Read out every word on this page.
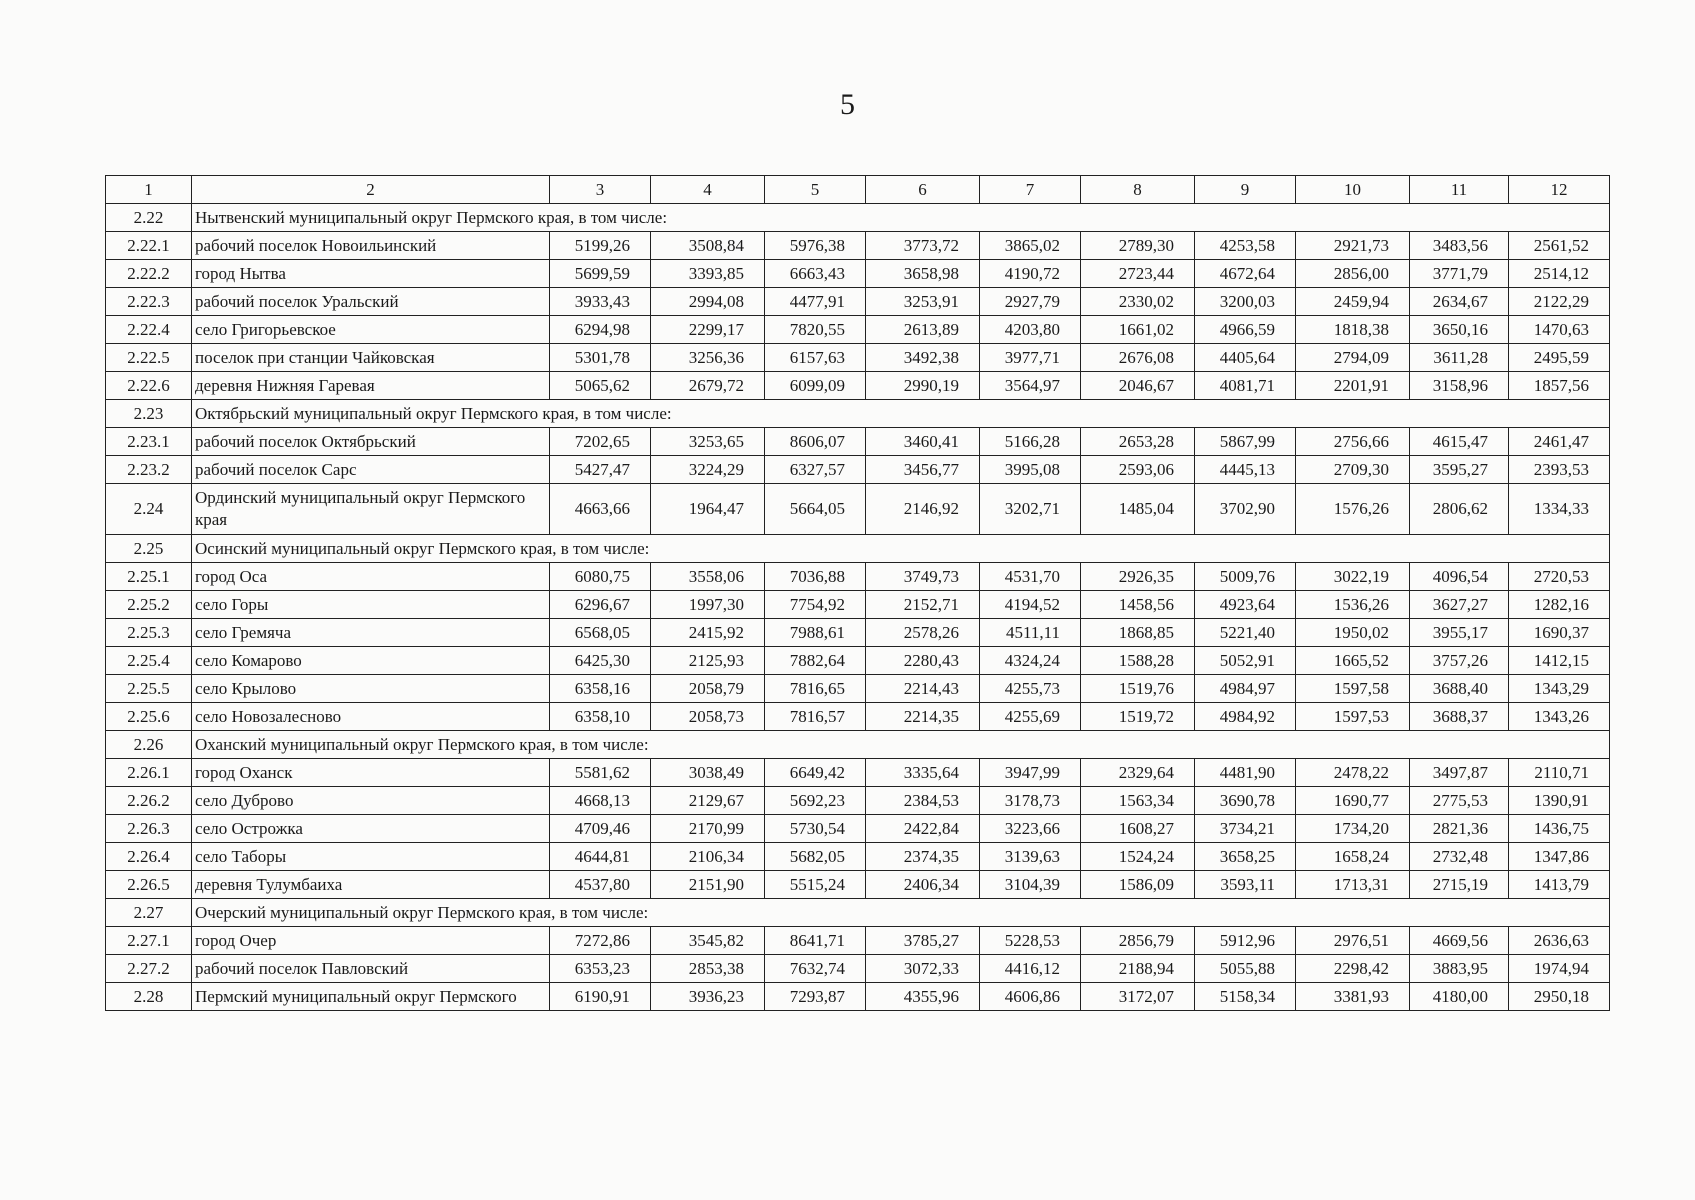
5
1	2	3	4	5	6	7	8	9	10	11	12
2.22	Нытвенский муниципальный округ Пермского края, в том числе:										
2.22.1	рабочий поселок Новоильинский	5199,26	3508,84	5976,38	3773,72	3865,02	2789,30	4253,58	2921,73	3483,56	2561,52
2.22.2	город Нытва	5699,59	3393,85	6663,43	3658,98	4190,72	2723,44	4672,64	2856,00	3771,79	2514,12
2.22.3	рабочий поселок Уральский	3933,43	2994,08	4477,91	3253,91	2927,79	2330,02	3200,03	2459,94	2634,67	2122,29
2.22.4	село Григорьевское	6294,98	2299,17	7820,55	2613,89	4203,80	1661,02	4966,59	1818,38	3650,16	1470,63
2.22.5	поселок при станции Чайковская	5301,78	3256,36	6157,63	3492,38	3977,71	2676,08	4405,64	2794,09	3611,28	2495,59
2.22.6	деревня Нижняя Гаревая	5065,62	2679,72	6099,09	2990,19	3564,97	2046,67	4081,71	2201,91	3158,96	1857,56
2.23	Октябрьский муниципальный округ Пермского края, в том числе:										
2.23.1	рабочий поселок Октябрьский	7202,65	3253,65	8606,07	3460,41	5166,28	2653,28	5867,99	2756,66	4615,47	2461,47
2.23.2	рабочий поселок Сарс	5427,47	3224,29	6327,57	3456,77	3995,08	2593,06	4445,13	2709,30	3595,27	2393,53
2.24	Ординский муниципальный округ Пермского края	4663,66	1964,47	5664,05	2146,92	3202,71	1485,04	3702,90	1576,26	2806,62	1334,33
2.25	Осинский муниципальный округ Пермского края, в том числе:										
2.25.1	город Оса	6080,75	3558,06	7036,88	3749,73	4531,70	2926,35	5009,76	3022,19	4096,54	2720,53
2.25.2	село Горы	6296,67	1997,30	7754,92	2152,71	4194,52	1458,56	4923,64	1536,26	3627,27	1282,16
2.25.3	село Гремяча	6568,05	2415,92	7988,61	2578,26	4511,11	1868,85	5221,40	1950,02	3955,17	1690,37
2.25.4	село Комарово	6425,30	2125,93	7882,64	2280,43	4324,24	1588,28	5052,91	1665,52	3757,26	1412,15
2.25.5	село Крылово	6358,16	2058,79	7816,65	2214,43	4255,73	1519,76	4984,97	1597,58	3688,40	1343,29
2.25.6	село Новозалесново	6358,10	2058,73	7816,57	2214,35	4255,69	1519,72	4984,92	1597,53	3688,37	1343,26
2.26	Оханский муниципальный округ Пермского края, в том числе:										
2.26.1	город Оханск	5581,62	3038,49	6649,42	3335,64	3947,99	2329,64	4481,90	2478,22	3497,87	2110,71
2.26.2	село Дуброво	4668,13	2129,67	5692,23	2384,53	3178,73	1563,34	3690,78	1690,77	2775,53	1390,91
2.26.3	село Острожка	4709,46	2170,99	5730,54	2422,84	3223,66	1608,27	3734,21	1734,20	2821,36	1436,75
2.26.4	село Таборы	4644,81	2106,34	5682,05	2374,35	3139,63	1524,24	3658,25	1658,24	2732,48	1347,86
2.26.5	деревня Тулумбаиха	4537,80	2151,90	5515,24	2406,34	3104,39	1586,09	3593,11	1713,31	2715,19	1413,79
2.27	Очерский муниципальный округ Пермского края, в том числе:										
2.27.1	город Очер	7272,86	3545,82	8641,71	3785,27	5228,53	2856,79	5912,96	2976,51	4669,56	2636,63
2.27.2	рабочий поселок Павловский	6353,23	2853,38	7632,74	3072,33	4416,12	2188,94	5055,88	2298,42	3883,95	1974,94
2.28	Пермский муниципальный округ Пермского	6190,91	3936,23	7293,87	4355,96	4606,86	3172,07	5158,34	3381,93	4180,00	2950,18
